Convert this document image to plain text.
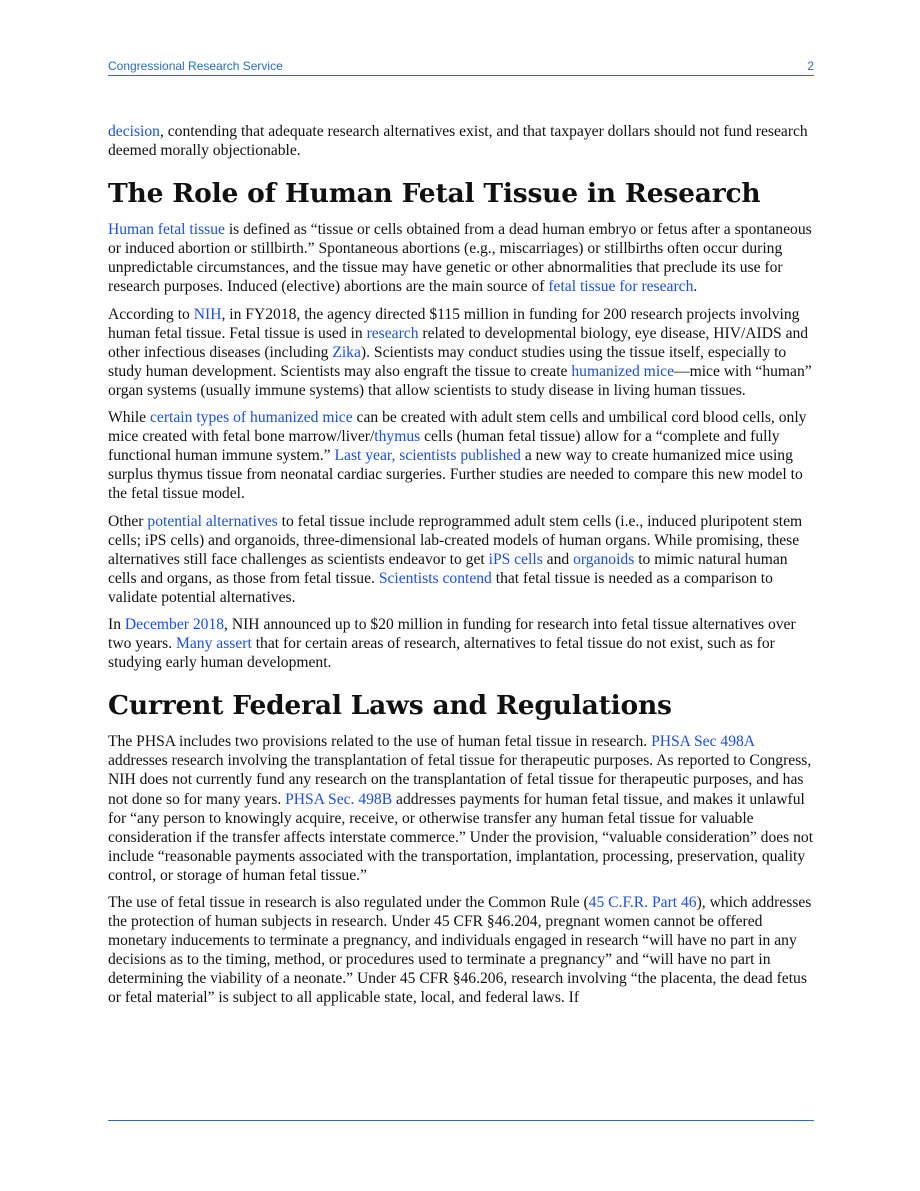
Congressional Research Service	2

decision, contending that adequate research alternatives exist, and that taxpayer dollars should not fund research deemed morally objectionable.

The Role of Human Fetal Tissue in Research

Human fetal tissue is defined as “tissue or cells obtained from a dead human embryo or fetus after a spontaneous or induced abortion or stillbirth.” Spontaneous abortions (e.g., miscarriages) or stillbirths often occur during unpredictable circumstances, and the tissue may have genetic or other abnormalities that preclude its use for research purposes. Induced (elective) abortions are the main source of fetal tissue for research.

According to NIH, in FY2018, the agency directed $115 million in funding for 200 research projects involving human fetal tissue. Fetal tissue is used in research related to developmental biology, eye disease, HIV/AIDS and other infectious diseases (including Zika). Scientists may conduct studies using the tissue itself, especially to study human development. Scientists may also engraft the tissue to create humanized mice—mice with “human” organ systems (usually immune systems) that allow scientists to study disease in living human tissues.

While certain types of humanized mice can be created with adult stem cells and umbilical cord blood cells, only mice created with fetal bone marrow/liver/thymus cells (human fetal tissue) allow for a “complete and fully functional human immune system.” Last year, scientists published a new way to create humanized mice using surplus thymus tissue from neonatal cardiac surgeries. Further studies are needed to compare this new model to the fetal tissue model.

Other potential alternatives to fetal tissue include reprogrammed adult stem cells (i.e., induced pluripotent stem cells; iPS cells) and organoids, three-dimensional lab-created models of human organs. While promising, these alternatives still face challenges as scientists endeavor to get iPS cells and organoids to mimic natural human cells and organs, as those from fetal tissue. Scientists contend that fetal tissue is needed as a comparison to validate potential alternatives.

In December 2018, NIH announced up to $20 million in funding for research into fetal tissue alternatives over two years. Many assert that for certain areas of research, alternatives to fetal tissue do not exist, such as for studying early human development.

Current Federal Laws and Regulations

The PHSA includes two provisions related to the use of human fetal tissue in research. PHSA Sec 498A addresses research involving the transplantation of fetal tissue for therapeutic purposes. As reported to Congress, NIH does not currently fund any research on the transplantation of fetal tissue for therapeutic purposes, and has not done so for many years. PHSA Sec. 498B addresses payments for human fetal tissue, and makes it unlawful for “any person to knowingly acquire, receive, or otherwise transfer any human fetal tissue for valuable consideration if the transfer affects interstate commerce.” Under the provision, “valuable consideration” does not include “reasonable payments associated with the transportation, implantation, processing, preservation, quality control, or storage of human fetal tissue.”

The use of fetal tissue in research is also regulated under the Common Rule (45 C.F.R. Part 46), which addresses the protection of human subjects in research. Under 45 CFR §46.204, pregnant women cannot be offered monetary inducements to terminate a pregnancy, and individuals engaged in research “will have no part in any decisions as to the timing, method, or procedures used to terminate a pregnancy” and “will have no part in determining the viability of a neonate.” Under 45 CFR §46.206, research involving “the placenta, the dead fetus or fetal material” is subject to all applicable state, local, and federal laws. If
